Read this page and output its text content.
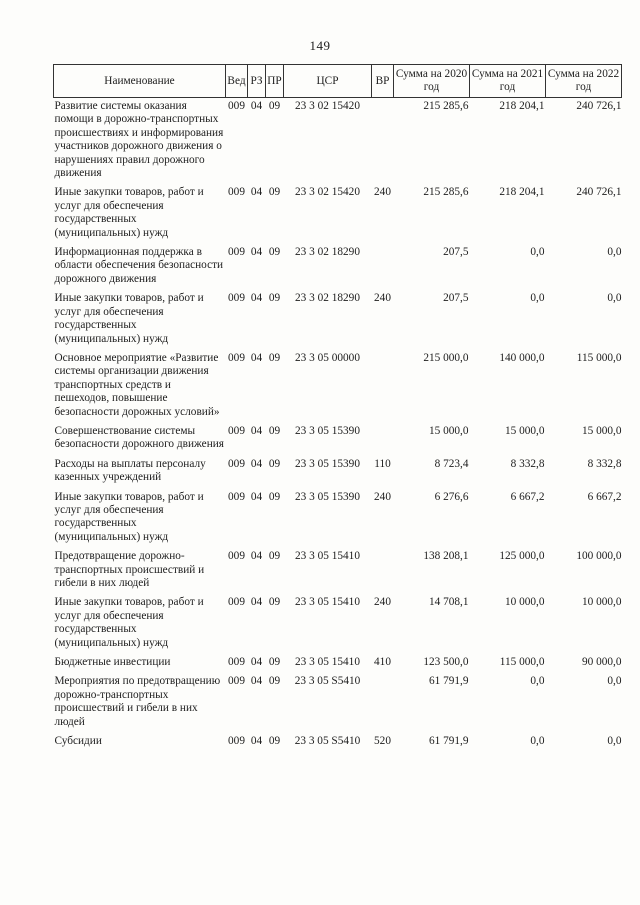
149
Наименование	Вед	РЗ	ПР	ЦСР	ВР	Сумма на 2020 год	Сумма на 2021 год	Сумма на 2022 год
Развитие системы оказания помощи в дорожно-транспортных происшествиях и информирования участников дорожного движения о нарушениях правил дорожного движения	009	04	09	23 3 02 15420		215 285,6	218 204,1	240 726,1
Иные закупки товаров, работ и услуг для обеспечения государственных (муниципальных) нужд	009	04	09	23 3 02 15420	240	215 285,6	218 204,1	240 726,1
Информационная поддержка в области обеспечения безопасности дорожного движения	009	04	09	23 3 02 18290		207,5	0,0	0,0
Иные закупки товаров, работ и услуг для обеспечения государственных (муниципальных) нужд	009	04	09	23 3 02 18290	240	207,5	0,0	0,0
Основное мероприятие «Развитие системы организации движения транспортных средств и пешеходов, повышение безопасности дорожных условий»	009	04	09	23 3 05 00000		215 000,0	140 000,0	115 000,0
Совершенствование системы безопасности дорожного движения	009	04	09	23 3 05 15390		15 000,0	15 000,0	15 000,0
Расходы на выплаты персоналу казенных учреждений	009	04	09	23 3 05 15390	110	8 723,4	8 332,8	8 332,8
Иные закупки товаров, работ и услуг для обеспечения государственных (муниципальных) нужд	009	04	09	23 3 05 15390	240	6 276,6	6 667,2	6 667,2
Предотвращение дорожно-транспортных происшествий и гибели в них людей	009	04	09	23 3 05 15410		138 208,1	125 000,0	100 000,0
Иные закупки товаров, работ и услуг для обеспечения государственных (муниципальных) нужд	009	04	09	23 3 05 15410	240	14 708,1	10 000,0	10 000,0
Бюджетные инвестиции	009	04	09	23 3 05 15410	410	123 500,0	115 000,0	90 000,0
Мероприятия по предотвращению дорожно-транспортных происшествий и гибели в них людей	009	04	09	23 3 05 S5410		61 791,9	0,0	0,0
Субсидии	009	04	09	23 3 05 S5410	520	61 791,9	0,0	0,0
